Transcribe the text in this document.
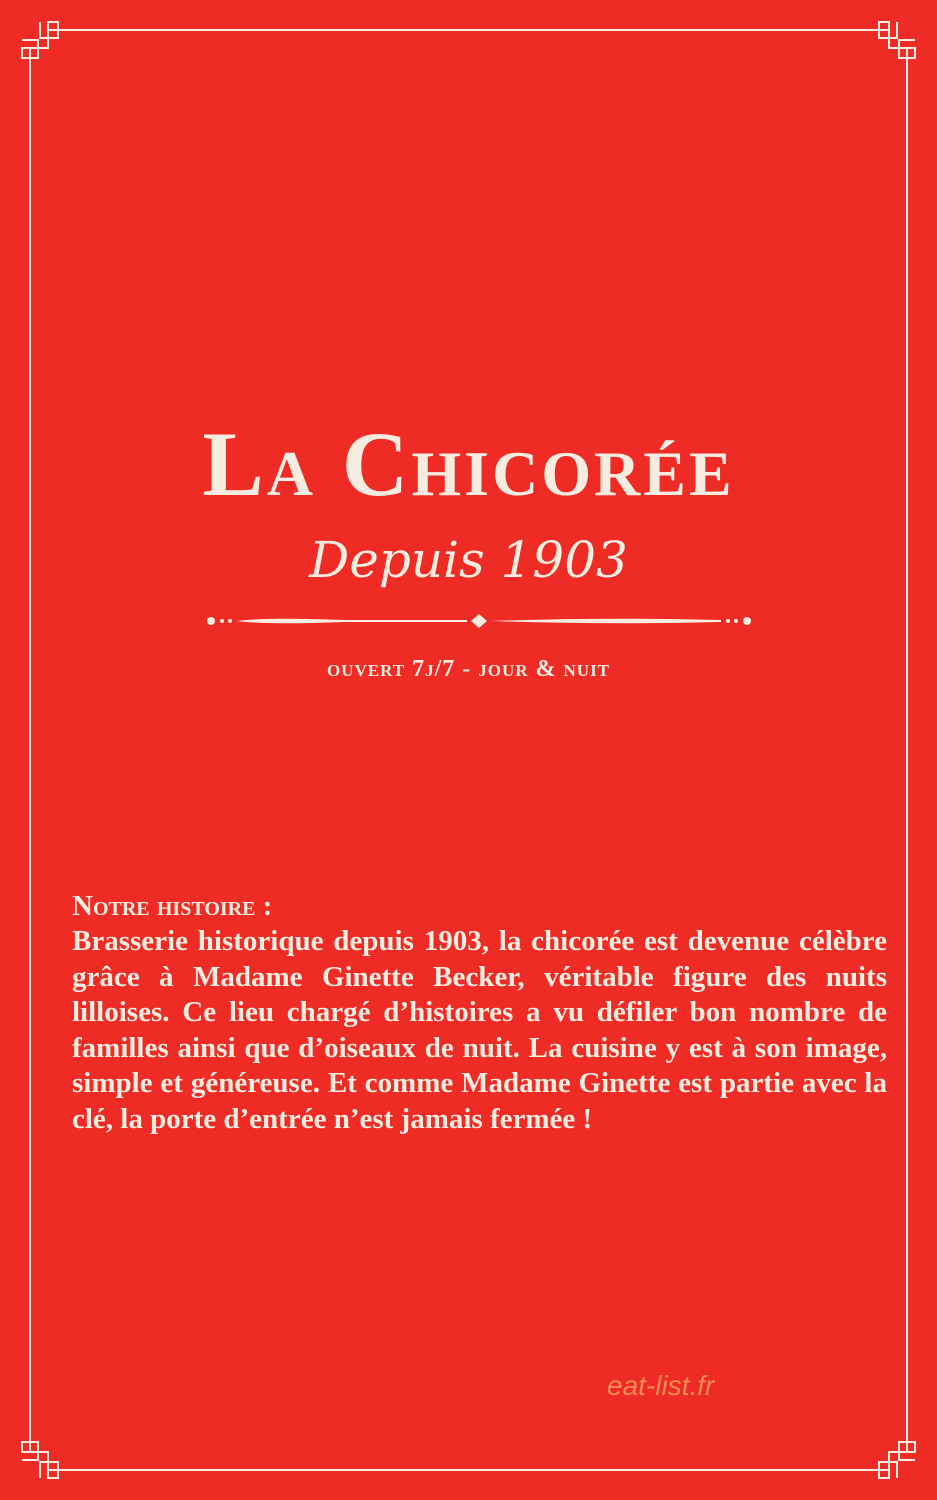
La Chicorée
Depuis 1903
ouvert 7j/7 - jour & nuit
Notre histoire :
Brasserie historique depuis 1903, la chicorée est devenue célèbre grâce à Madame Ginette Becker, véritable figure des nuits lilloises. Ce lieu chargé d’histoires a vu défiler bon nombre de familles ainsi que d’oiseaux de nuit. La cuisine y est à son image, simple et généreuse. Et comme Madame Ginette est partie avec la clé, la porte d’entrée n’est jamais fermée !
eat-list.fr
